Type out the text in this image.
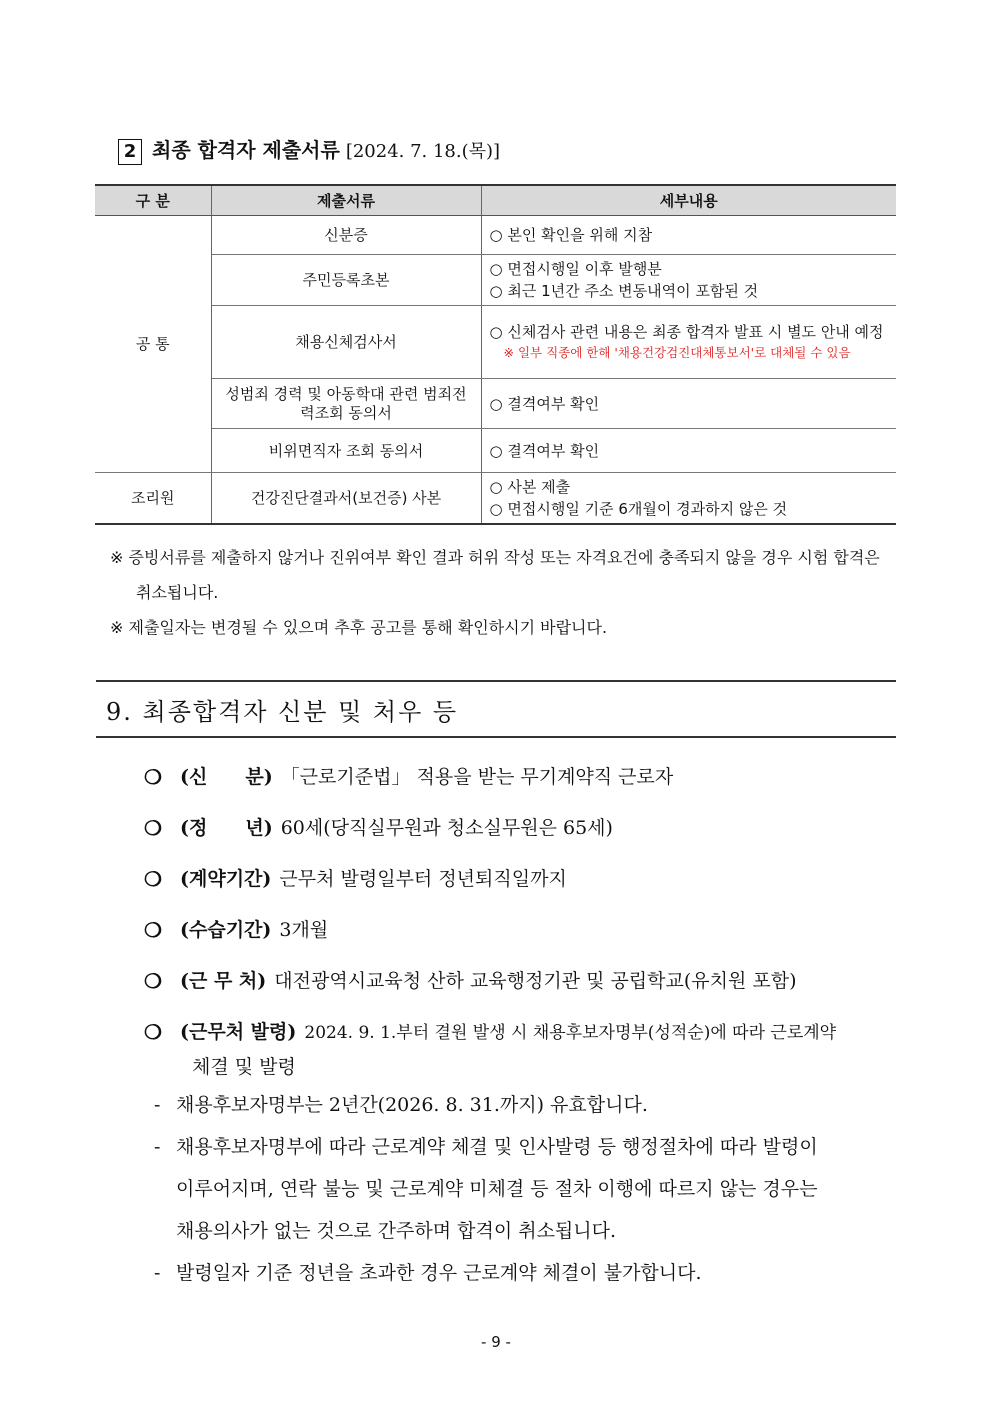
2 최종 합격자 제출서류 [2024. 7. 18.(목)]
구 분	제출서류	세부내용
공 통	신분증	○ 본인 확인을 위해 지참

	주민등록초본	○ 면접시행일 이후 발행분
○ 최근 1년간 주소 변동내역이 포함된 것

	채용신체검사서	○ 신체검사 관련 내용은 최종 합격자 발표 시 별도 안내 예정
※ 일부 직종에 한해 '채용건강검진대체통보서'로 대체될 수 있음

	성범죄 경력 및 아동학대 관련 범죄전력조회 동의서	○ 결격여부 확인

	비위면직자 조회 동의서	○ 결격여부 확인

조리원	건강진단결과서(보건증) 사본	○ 사본 제출
○ 면접시행일 기준 6개월이 경과하지 않은 것

※ 증빙서류를 제출하지 않거나 진위여부 확인 결과 허위 작성 또는 자격요건에 충족되지 않을 경우 시험 합격은 취소됩니다.

※ 제출일자는 변경될 수 있으며 추후 공고를 통해 확인하시기 바랍니다.

9. 최종합격자 신분 및 처우 등
❍ (신　　분) 「근로기준법」 적용을 받는 무기계약직 근로자
❍ (정　　년) 60세(당직실무원과 청소실무원은 65세)
❍ (계약기간) 근무처 발령일부터 정년퇴직일까지
❍ (수습기간) 3개월
❍ (근 무 처) 대전광역시교육청 산하 교육행정기관 및 공립학교(유치원 포함)
❍ (근무처 발령) 2024. 9. 1.부터 결원 발생 시 채용후보자명부(성적순)에 따라 근로계약
체결 및 발령
- 채용후보자명부는 2년간(2026. 8. 31.까지) 유효합니다.
- 채용후보자명부에 따라 근로계약 체결 및 인사발령 등 행정절차에 따라 발령이
이루어지며, 연락 불능 및 근로계약 미체결 등 절차 이행에 따르지 않는 경우는
채용의사가 없는 것으로 간주하며 합격이 취소됩니다.
- 발령일자 기준 정년을 초과한 경우 근로계약 체결이 불가합니다.
- 9 -
